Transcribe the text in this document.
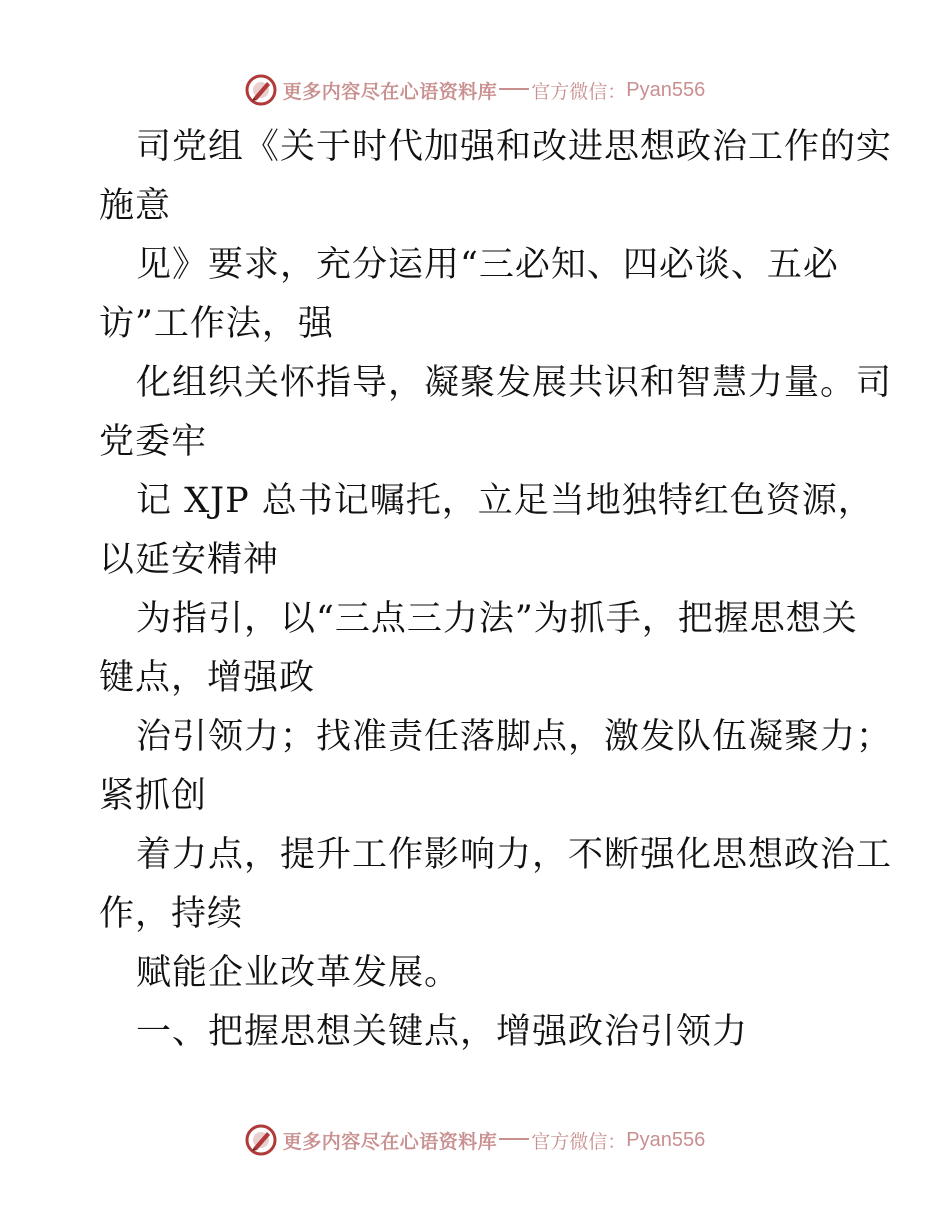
更多内容尽在心语资料库 官方微信： Pyan556
司党组《关于时代加强和改进思想政治工作的实
施意
见》要求，充分运用“三必知、四必谈、五必
访”工作法，强
化组织关怀指导，凝聚发展共识和智慧力量。司
党委牢
记 XJP 总书记嘱托，立足当地独特红色资源，
以延安精神
为指引，以“三点三力法”为抓手，把握思想关
键点，增强政
治引领力；找准责任落脚点，激发队伍凝聚力；
紧抓创
着力点，提升工作影响力，不断强化思想政治工
作，持续
赋能企业改革发展。
一、把握思想关键点，增强政治引领力
更多内容尽在心语资料库 官方微信： Pyan556
